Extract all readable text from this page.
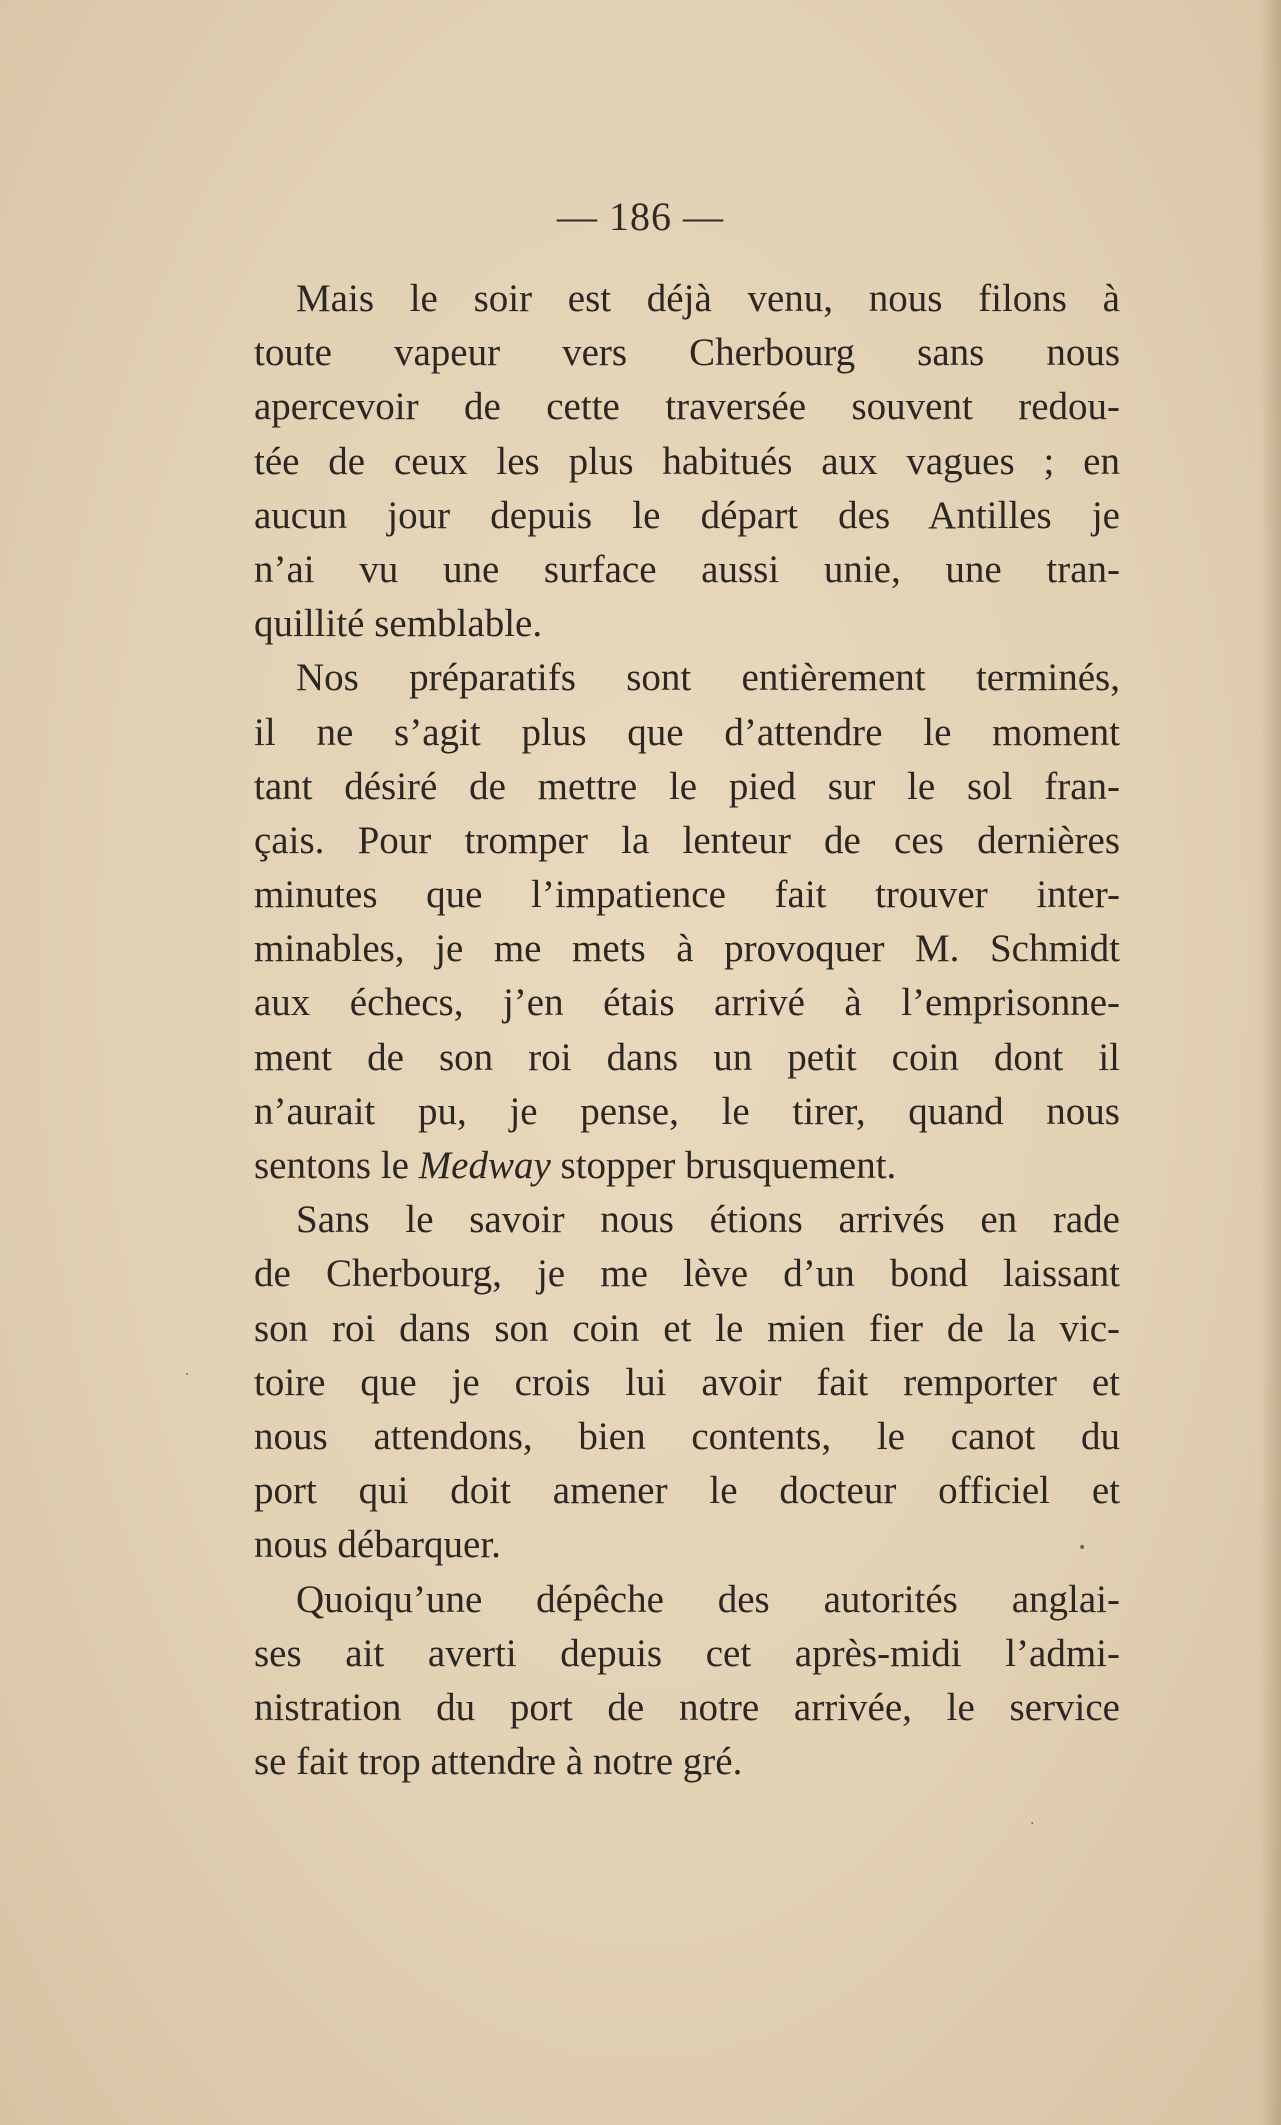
— 186 —
Mais le soir est déjà venu, nous filons à
toute vapeur vers Cherbourg sans nous
apercevoir de cette traversée souvent redou-
tée de ceux les plus habitués aux vagues ; en
aucun jour depuis le départ des Antilles je
n’ai vu une surface aussi unie, une tran-
quillité semblable.
Nos préparatifs sont entièrement terminés,
il ne s’agit plus que d’attendre le moment
tant désiré de mettre le pied sur le sol fran-
çais. Pour tromper la lenteur de ces dernières
minutes que l’impatience fait trouver inter-
minables, je me mets à provoquer M. Schmidt
aux échecs, j’en étais arrivé à l’emprisonne-
ment de son roi dans un petit coin dont il
n’aurait pu, je pense, le tirer, quand nous
sentons le Medway stopper brusquement.
Sans le savoir nous étions arrivés en rade
de Cherbourg, je me lève d’un bond laissant
son roi dans son coin et le mien fier de la vic-
toire que je crois lui avoir fait remporter et
nous attendons, bien contents, le canot du
port qui doit amener le docteur officiel et
nous débarquer.
Quoiqu’une dépêche des autorités anglai-
ses ait averti depuis cet après-midi l’admi-
nistration du port de notre arrivée, le service
se fait trop attendre à notre gré.
•
.
·
